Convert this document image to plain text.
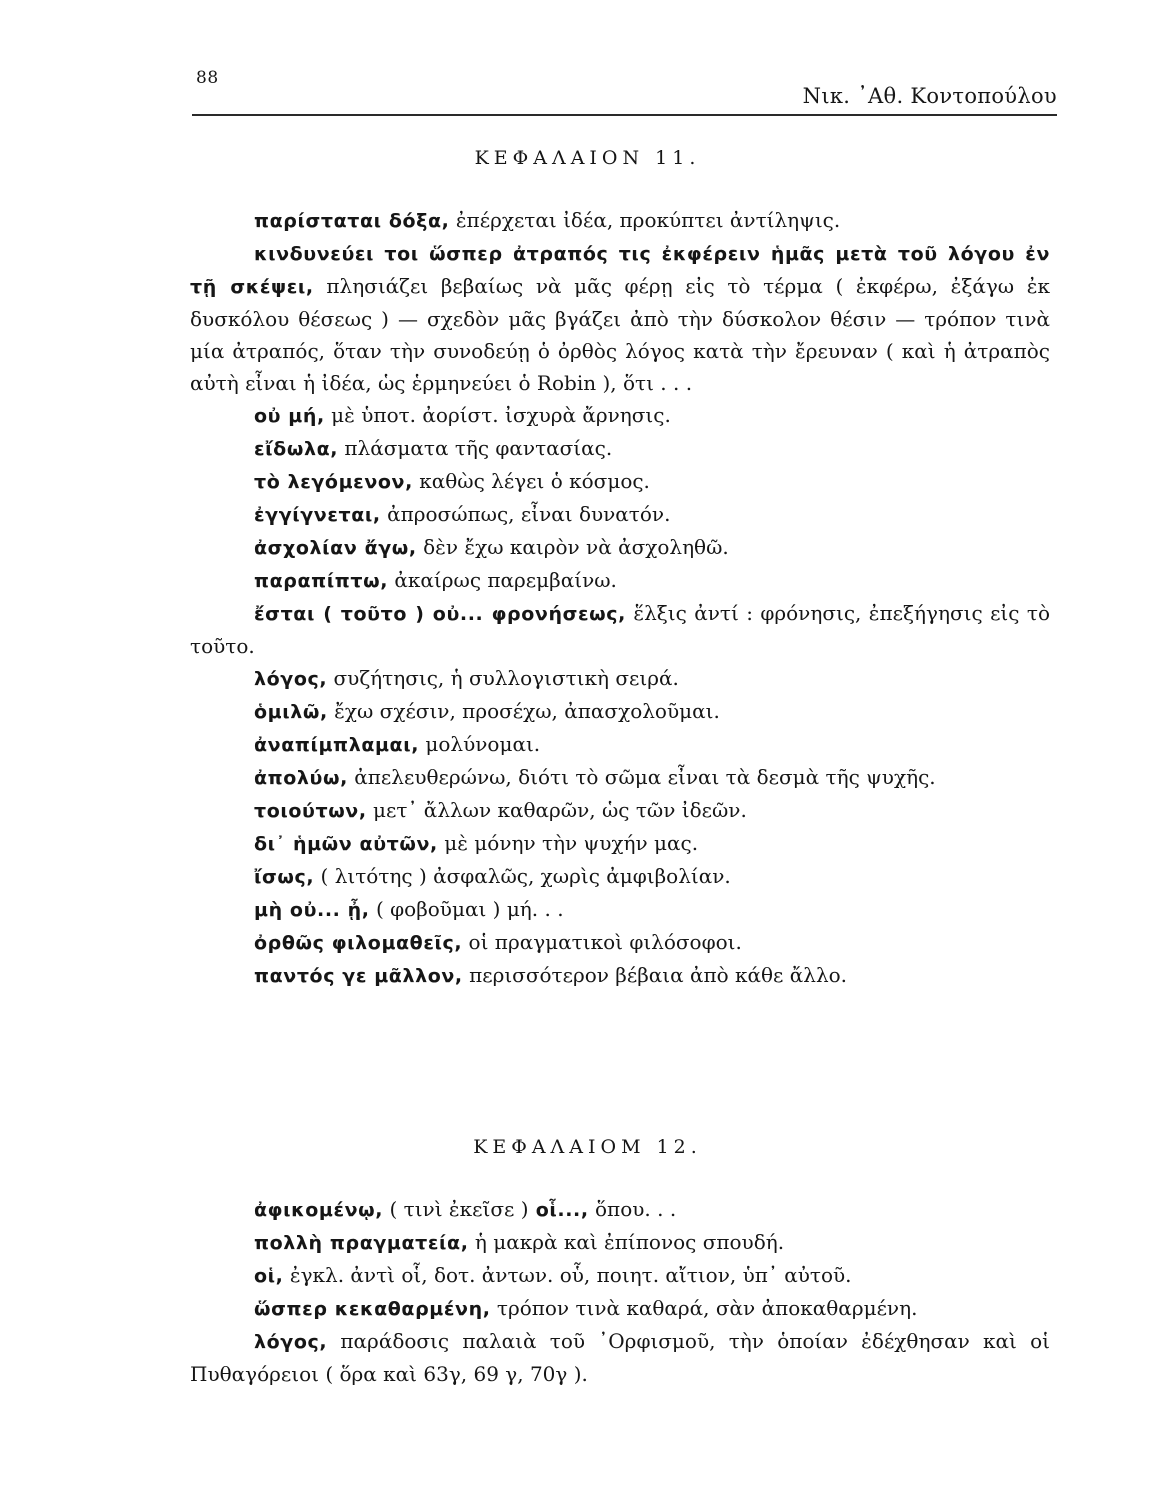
88
Νικ. ᾿Αθ. Κοντοπούλου
ΚΕΦΑΛΑΙΟΝ 11.

παρίσταται δόξα, ἐπέρχεται ἰδέα, προκύπτει ἀντίληψις.

κινδυνεύει τοι ὥσπερ ἀτραπός τις ἐκφέρειν ἡμᾶς μετὰ τοῦ λόγου ἐν τῇ σκέψει, πλησιάζει βεβαίως νὰ μᾶς φέρῃ εἰς τὸ τέρμα ( ἐκφέρω, ἐξάγω ἐκ δυσκόλου θέσεως ) — σχεδὸν μᾶς βγάζει ἀπὸ τὴν δύσκολον θέσιν — τρόπον τινὰ μία ἀτραπός, ὅταν τὴν συνοδεύῃ ὁ ὀρθὸς λόγος κατὰ τὴν ἔρευναν ( καὶ ἡ ἀτραπὸς αὐτὴ εἶναι ἡ ἰδέα, ὡς ἑρμηνεύει ὁ Robin ), ὅτι . . .

οὐ μή, μὲ ὑποτ. ἀορίστ. ἰσχυρὰ ἄρνησις.

εἴδωλα, πλάσματα τῆς φαντασίας.

τὸ λεγόμενον, καθὼς λέγει ὁ κόσμος.

ἐγγίγνεται, ἀπροσώπως, εἶναι δυνατόν.

ἀσχολίαν ἄγω, δὲν ἔχω καιρὸν νὰ ἀσχοληθῶ.

παραπίπτω, ἀκαίρως παρεμβαίνω.

ἔσται ( τοῦτο ) οὐ... φρονήσεως, ἕλξις ἀντί : φρόνησις, ἐπεξήγησις εἰς τὸ τοῦτο.

λόγος, συζήτησις, ἡ συλλογιστικὴ σειρά.

ὁμιλῶ, ἔχω σχέσιν, προσέχω, ἀπασχολοῦμαι.

ἀναπίμπλαμαι, μολύνομαι.

ἀπολύω, ἀπελευθερώνω, διότι τὸ σῶμα εἶναι τὰ δεσμὰ τῆς ψυχῆς.

τοιούτων, μετ᾽ ἄλλων καθαρῶν, ὡς τῶν ἰδεῶν.

δι᾽ ἡμῶν αὐτῶν, μὲ μόνην τὴν ψυχήν μας.

ἴσως, ( λιτότης ) ἀσφαλῶς, χωρὶς ἀμφιβολίαν.

μὴ οὐ... ᾖ, ( φοβοῦμαι ) μή. . .

ὀρθῶς φιλομαθεῖς, οἱ πραγματικοὶ φιλόσοφοι.

παντός γε μᾶλλον, περισσότερον βέβαια ἀπὸ κάθε ἄλλο.

ΚΕΦΑΛΑΙΟΜ 12.

ἀφικομένῳ, ( τινὶ ἐκεῖσε ) οἷ..., ὅπου. . .

πολλὴ πραγματεία, ἡ μακρὰ καὶ ἐπίπονος σπουδή.

οἱ, ἐγκλ. ἀντὶ οἷ, δοτ. ἀντων. οὗ, ποιητ. αἴτιον, ὑπ᾽ αὐτοῦ.

ὥσπερ κεκαθαρμένη, τρόπον τινὰ καθαρά, σὰν ἀποκαθαρμένη.

λόγος, παράδοσις παλαιὰ τοῦ ᾿Ορφισμοῦ, τὴν ὁποίαν ἐδέχθησαν καὶ οἱ Πυθαγόρειοι ( ὅρα καὶ 63γ, 69 γ, 70γ ).
